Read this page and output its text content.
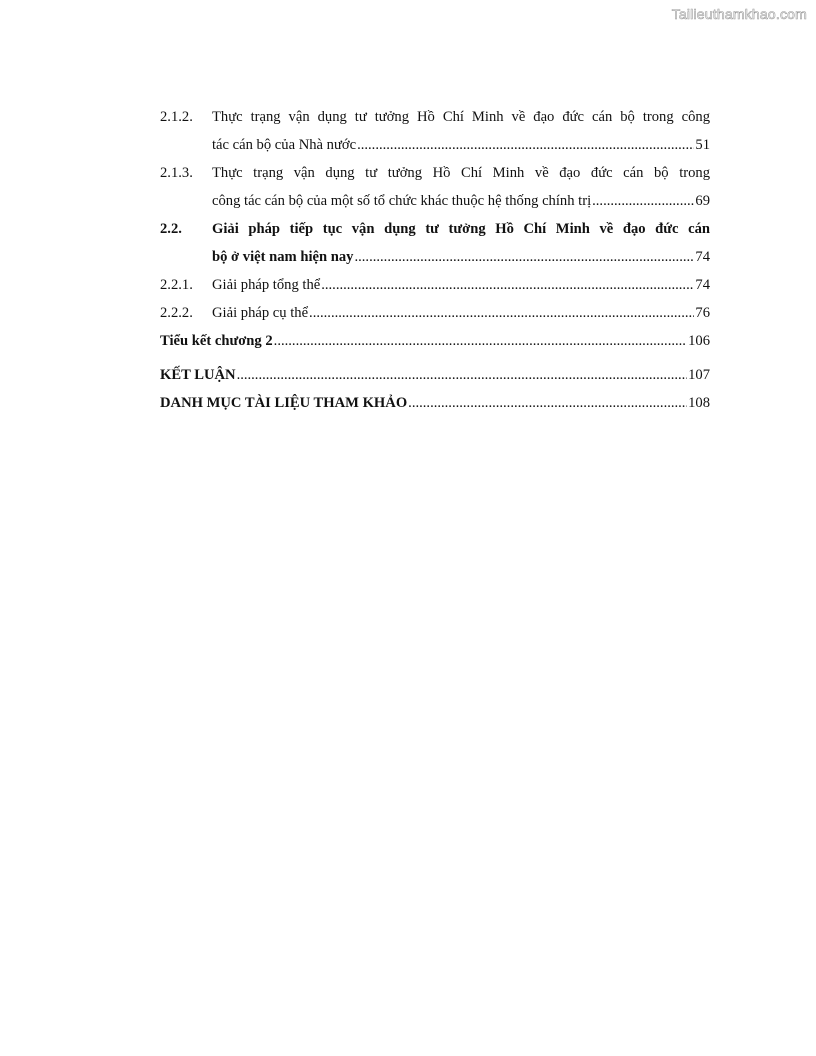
Tailieuthamkhao.com
2.1.2.	Thực trạng vận dụng tư tưởng Hồ Chí Minh về đạo đức cán bộ trong công
tác cán bộ của Nhà nước .....	51
2.1.3.	Thực trạng vận dụng tư tưởng Hồ Chí Minh về đạo đức cán bộ trong
công tác cán bộ của một số tổ chức khác thuộc hệ thống chính trị .....	69
2.2.	Giải pháp tiếp tục vận dụng tư tưởng Hồ Chí Minh về đạo đức cán
bộ ở việt nam hiện nay .....	74
2.2.1.	Giải pháp tổng thể .....	74
2.2.2.	Giải pháp cụ thể .....	76
Tiểu kết chương 2 .....	106
KẾT LUẬN .....	107
DANH MỤC TÀI LIỆU THAM KHẢO .....	108
